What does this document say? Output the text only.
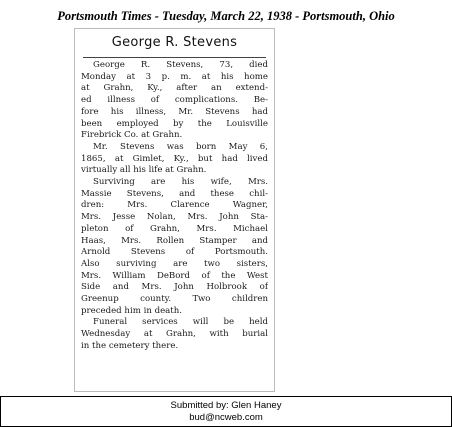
Portsmouth Times - Tuesday, March 22, 1938 - Portsmouth, Ohio
George R. Stevens
George R. Stevens, 73, died
Monday at 3 p. m. at his home
at Grahn, Ky., after an extend-
ed illness of complications. Be-
fore his illness, Mr. Stevens had
been employed by the Louisville
Firebrick Co. at Grahn.
Mr. Stevens was born May 6,
1865, at Gimlet, Ky., but had lived
virtually all his life at Grahn.
Surviving are his wife, Mrs.
Massie Stevens, and these chil-
dren: Mrs. Clarence Wagner,
Mrs. Jesse Nolan, Mrs. John Sta-
pleton of Grahn, Mrs. Michael
Haas, Mrs. Rollen Stamper and
Arnold Stevens of Portsmouth.
Also surviving are two sisters,
Mrs. William DeBord of the West
Side and Mrs. John Holbrook of
Greenup county. Two children
preceded him in death.
Funeral services will be held
Wednesday at Grahn, with burial
in the cemetery there.
Submitted by: Glen Haney
bud@ncweb.com
